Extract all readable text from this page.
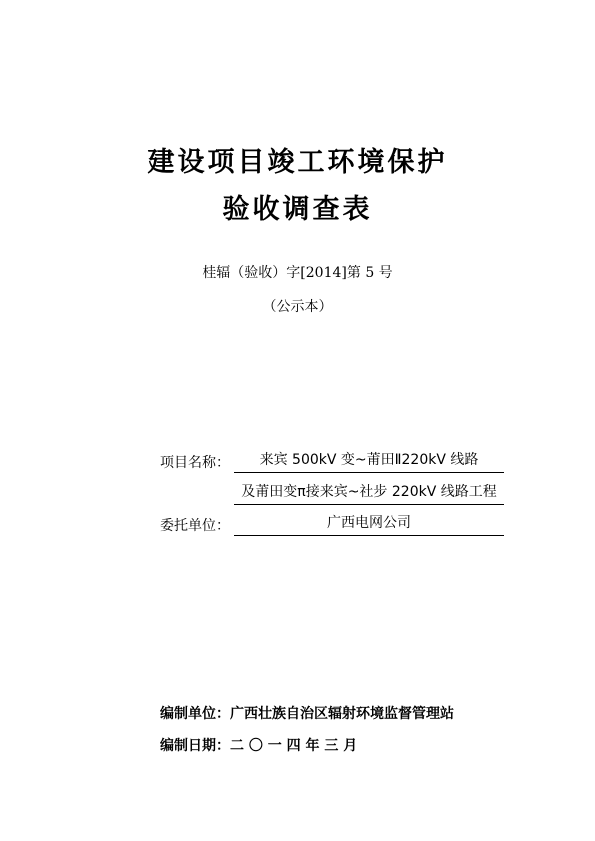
建设项目竣工环境保护
验收调查表
桂辐（验收）字[2014]第 5 号
（公示本）
项目名称：	来宾 500kV 变~莆田Ⅱ220kV 线路
及莆田变π接来宾~社步 220kV 线路工程
委托单位：	广西电网公司
编制单位： 广西壮族自治区辐射环境监督管理站
编制日期： 二 〇 一 四 年 三 月
